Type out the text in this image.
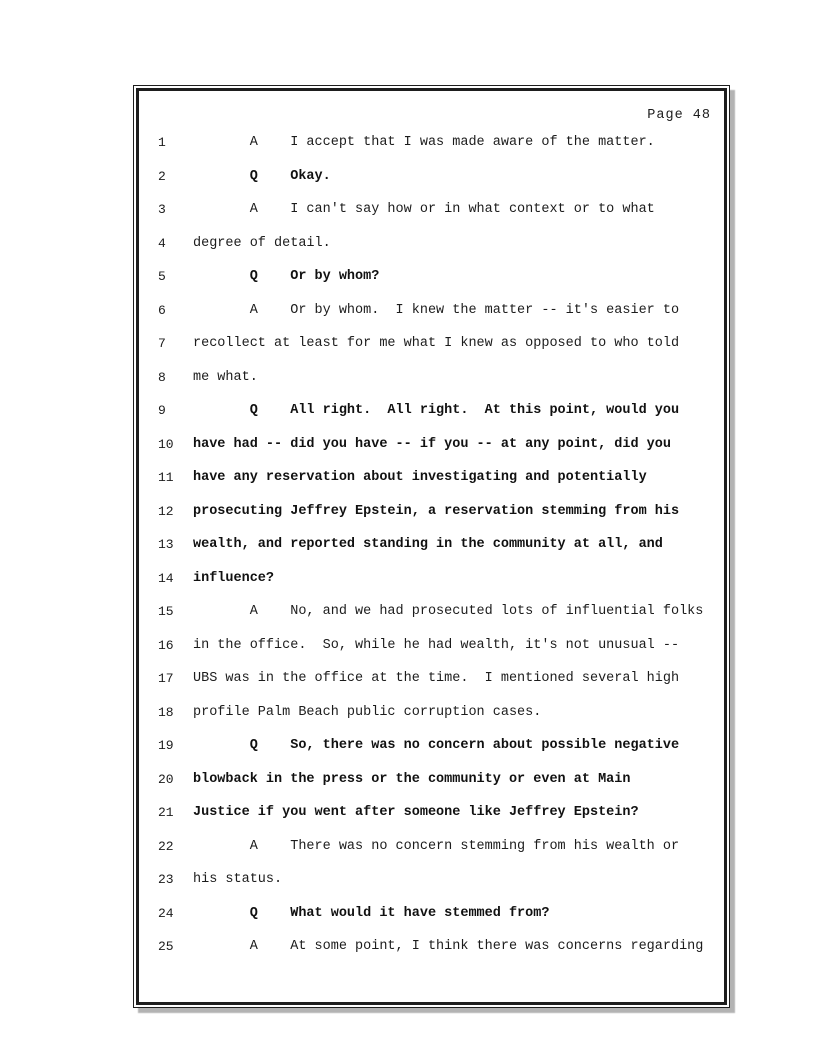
Page 48
1	A    I accept that I was made aware of the matter.
2	Q    Okay.
3	A    I can't say how or in what context or to what
4	degree of detail.
5	Q    Or by whom?
6	A    Or by whom.  I knew the matter -- it's easier to
7	recollect at least for me what I knew as opposed to who told
8	me what.
9	Q    All right.  All right.  At this point, would you
10	have had -- did you have -- if you -- at any point, did you
11	have any reservation about investigating and potentially
12	prosecuting Jeffrey Epstein, a reservation stemming from his
13	wealth, and reported standing in the community at all, and
14	influence?
15	A    No, and we had prosecuted lots of influential folks
16	in the office.  So, while he had wealth, it's not unusual --
17	UBS was in the office at the time.  I mentioned several high
18	profile Palm Beach public corruption cases.
19	Q    So, there was no concern about possible negative
20	blowback in the press or the community or even at Main
21	Justice if you went after someone like Jeffrey Epstein?
22	A    There was no concern stemming from his wealth or
23	his status.
24	Q    What would it have stemmed from?
25	A    At some point, I think there was concerns regarding
